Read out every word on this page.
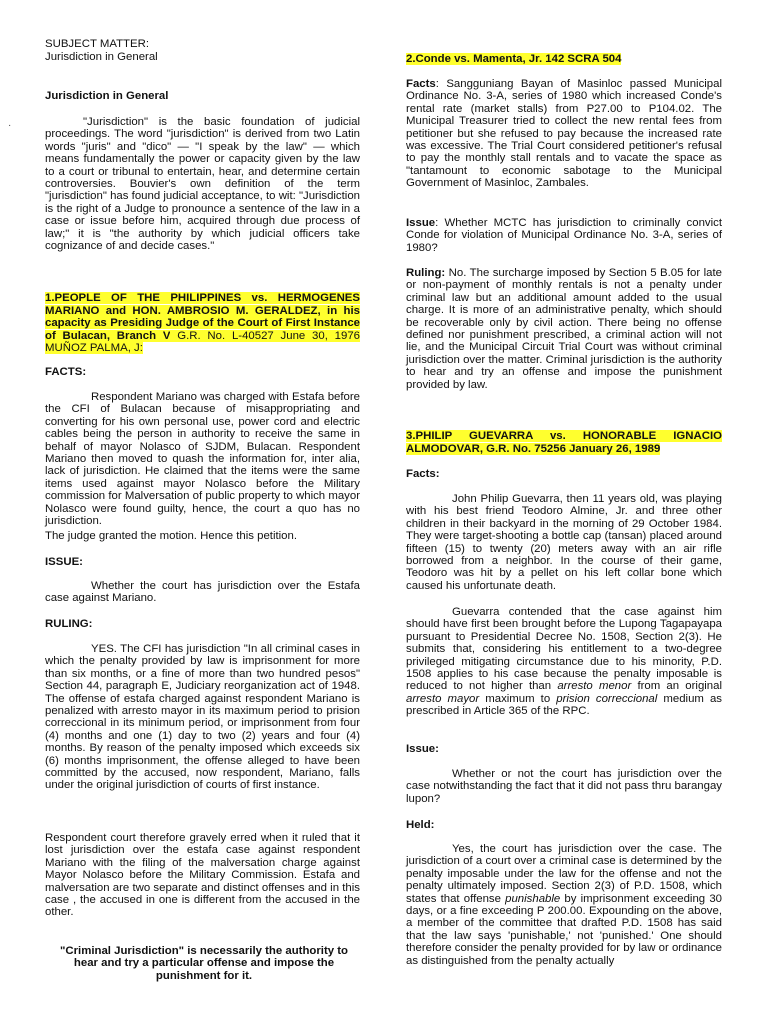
·

SUBJECT MATTER:

Jurisdiction in General

Jurisdiction in General

"Jurisdiction" is the basic foundation of judicial proceedings. The word "jurisdiction" is derived from two Latin words "juris" and "dico" — "I speak by the law" — which means fundamentally the power or capacity given by the law to a court or tribunal to entertain, hear, and determine certain controversies. Bouvier's own definition of the term "jurisdiction" has found judicial acceptance, to wit: "Jurisdiction is the right of a Judge to pronounce a sentence of the law in a case or issue before him, acquired through due process of law;" it is "the authority by which judicial officers take cognizance of and decide cases."

1.PEOPLE OF THE PHILIPPINES vs. HERMOGENES MARIANO and HON. AMBROSIO M. GERALDEZ, in his capacity as Presiding Judge of the Court of First Instance of Bulacan, Branch V G.R. No. L-40527 June 30, 1976 MUÑOZ PALMA, J:

FACTS:

Respondent Mariano was charged with Estafa before the CFI of Bulacan because of misappropriating and converting for his own personal use, power cord and electric cables being the person in authority to receive the same in behalf of mayor Nolasco of SJDM, Bulacan. Respondent Mariano then moved to quash the information for, inter alia, lack of jurisdiction. He claimed that the items were the same items used against mayor Nolasco before the Military commission for Malversation of public property to which mayor Nolasco were found guilty, hence, the court a quo has no jurisdiction.

The judge granted the motion. Hence this petition.

ISSUE:

Whether the court has jurisdiction over the Estafa case against Mariano.

RULING:

YES. The CFI has jurisdiction "In all criminal cases in which the penalty provided by law is imprisonment for more than six months, or a fine of more than two hundred pesos" Section 44, paragraph E, Judiciary reorganization act of 1948. The offense of estafa charged against respondent Mariano is penalized with arresto mayor in its maximum period to prision correccional in its minimum period, or imprisonment from four (4) months and one (1) day to two (2) years and four (4) months. By reason of the penalty imposed which exceeds six (6) months imprisonment, the offense alleged to have been committed by the accused, now respondent, Mariano, falls under the original jurisdiction of courts of first instance.

Respondent court therefore gravely erred when it ruled that it lost jurisdiction over the estafa case against respondent Mariano with the filing of the malversation charge against Mayor Nolasco before the Military Commission. Estafa and malversation are two separate and distinct offenses and in this case , the accused in one is different from the accused in the other.

"Criminal Jurisdiction" is necessarily the authority to hear and try a particular offense and impose the punishment for it.

2.Conde vs. Mamenta, Jr. 142 SCRA 504

Facts: Sangguniang Bayan of Masinloc passed Municipal Ordinance No. 3-A, series of 1980 which increased Conde's rental rate (market stalls) from P27.00 to P104.02. The Municipal Treasurer tried to collect the new rental fees from petitioner but she refused to pay because the increased rate was excessive. The Trial Court considered petitioner's refusal to pay the monthly stall rentals and to vacate the space as "tantamount to economic sabotage to the Municipal Government of Masinloc, Zambales.

Issue: Whether MCTC has jurisdiction to criminally convict Conde for violation of Municipal Ordinance No. 3-A, series of 1980?

Ruling: No. The surcharge imposed by Section 5 B.05 for late or non-payment of monthly rentals is not a penalty under criminal law but an additional amount added to the usual charge. It is more of an administrative penalty, which should be recoverable only by civil action. There being no offense defined nor punishment prescribed, a criminal action will not lie, and the Municipal Circuit Trial Court was without criminal jurisdiction over the matter. Criminal jurisdiction is the authority to hear and try an offense and impose the punishment provided by law.

3.PHILIP GUEVARRA vs. HONORABLE IGNACIO ALMODOVAR, G.R. No. 75256 January 26, 1989

Facts:

John Philip Guevarra, then 11 years old, was playing with his best friend Teodoro Almine, Jr. and three other children in their backyard in the morning of 29 October 1984. They were target-shooting a bottle cap (tansan) placed around fifteen (15) to twenty (20) meters away with an air rifle borrowed from a neighbor. In the course of their game, Teodoro was hit by a pellet on his left collar bone which caused his unfortunate death.

Guevarra contended that the case against him should have first been brought before the Lupong Tagapayapa pursuant to Presidential Decree No. 1508, Section 2(3). He submits that, considering his entitlement to a two-degree privileged mitigating circumstance due to his minority, P.D. 1508 applies to his case because the penalty imposable is reduced to not higher than arresto menor from an original arresto mayor maximum to prision correccional medium as prescribed in Article 365 of the RPC.

Issue:

Whether or not the court has jurisdiction over the case notwithstanding the fact that it did not pass thru barangay lupon?

Held:

Yes, the court has jurisdiction over the case. The jurisdiction of a court over a criminal case is determined by the penalty imposable under the law for the offense and not the penalty ultimately imposed. Section 2(3) of P.D. 1508, which states that offense punishable by imprisonment exceeding 30 days, or a fine exceeding P 200.00. Expounding on the above, a member of the committee that drafted P.D. 1508 has said that the law says 'punishable,' not 'punished.' One should therefore consider the penalty provided for by law or ordinance as distinguished from the penalty actually
